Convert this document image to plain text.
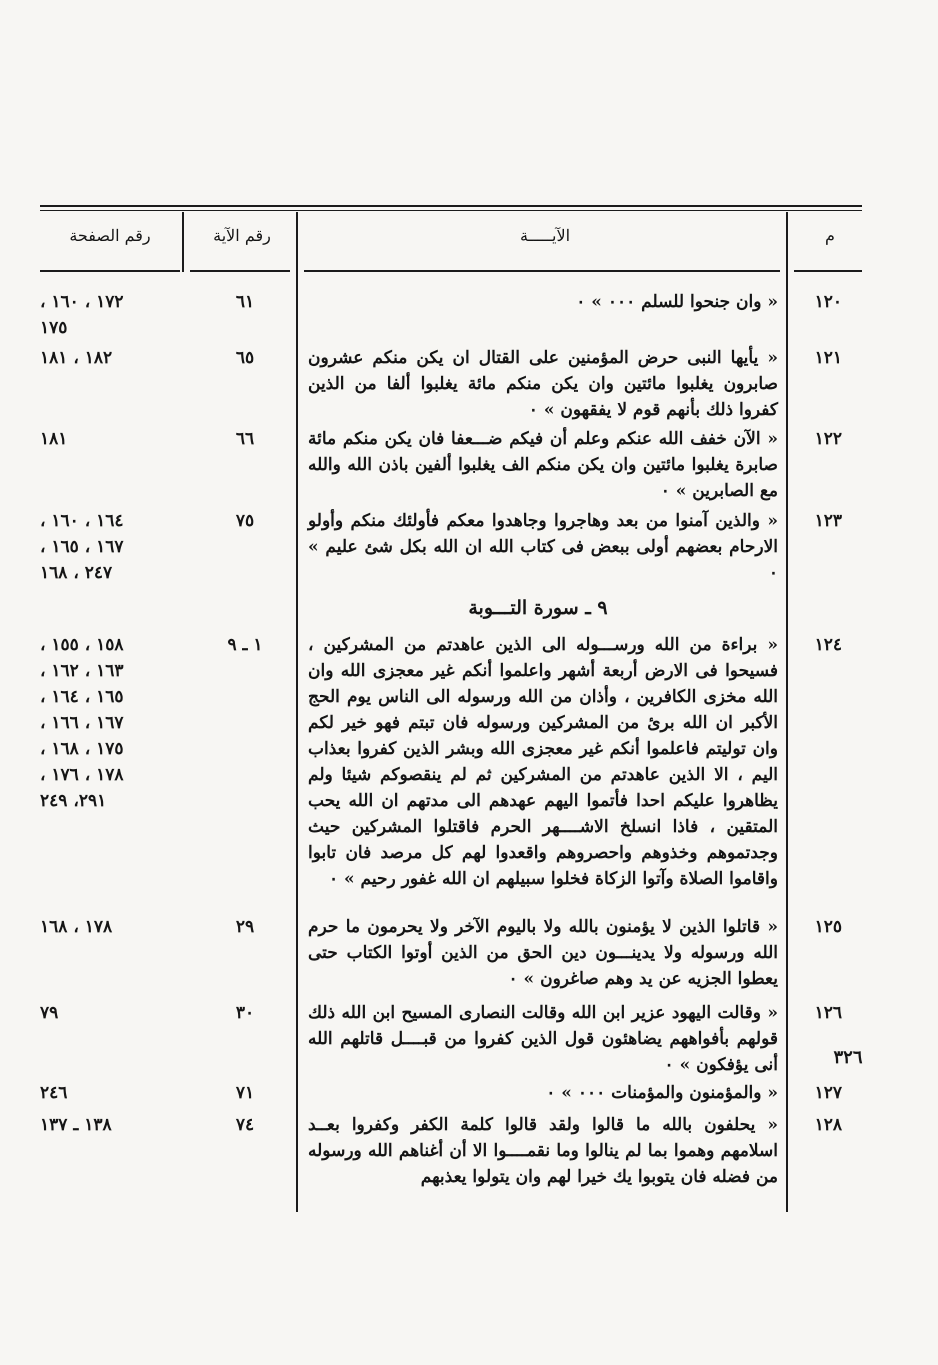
م
الآيـــــة
رقم الآية
رقم الصفحة
١٢٠
« وان جنحوا للسلم ٠٠٠ » ٠
٦١
١٧٢ ، ١٦٠ ،
١٧٥
١٢١
« يأيها النبى حرض المؤمنين على القتال ان يكن منكم عشرون صابرون يغلبوا مائتين وان يكن منكم مائة يغلبوا ألفا من الذين كفروا ذلك بأنهم قوم لا يفقهون » ٠
٦٥
١٨٢ ، ١٨١
١٢٢
« الآن خفف الله عنكم وعلم أن فيكم ضـــعفا فان يكن منكم مائة صابرة يغلبوا مائتين وان يكن منكم الف يغلبوا ألفين باذن الله والله مع الصابرين » ٠
٦٦
١٨١
١٢٣
« والذين آمنوا من بعد وهاجروا وجاهدوا معكم فأولئك منكم وأولو الارحام بعضهم أولى ببعض فى كتاب الله ان الله بكل شئ عليم » ٠
٧٥
١٦٤ ، ١٦٠ ،
١٦٧ ، ١٦٥ ،
٢٤٧ ، ١٦٨
٩ ـ سورة التـــوبة
١٢٤
« براءة من الله ورســـوله الى الذين عاهدتم من المشركين ، فسيحوا فى الارض أربعة أشهر واعلموا أنكم غير معجزى الله وان الله مخزى الكافرين ، وأذان من الله ورسوله الى الناس يوم الحج الأكبر ان الله برئ من المشركين ورسوله فان تبتم فهو خير لكم وان توليتم فاعلموا أنكم غير معجزى الله وبشر الذين كفروا بعذاب اليم ، الا الذين عاهدتم من المشركين ثم لم ينقصوكم شيئا ولم يظاهروا عليكم احدا فأتموا اليهم عهدهم الى مدتهم ان الله يحب المتقين ، فاذا انسلخ الاشــــهر الحرم فاقتلوا المشركين حيث وجدتموهم وخذوهم واحصروهم واقعدوا لهم كل مرصد فان تابوا واقاموا الصلاة وآتوا الزكاة فخلوا سبيلهم ان الله غفور رحيم » ٠
١ ـ ٩
١٥٨ ، ١٥٥ ،
١٦٣ ، ١٦٢ ،
١٦٥ ، ١٦٤ ،
١٦٧ ، ١٦٦ ،
١٧٥ ، ١٦٨ ،
١٧٨ ، ١٧٦ ،
٢٩١، ٢٤٩
١٢٥
« قاتلوا الذين لا يؤمنون بالله ولا باليوم الآخر ولا يحرمون ما حرم الله ورسوله ولا يدينـــون دين الحق من الذين أوتوا الكتاب حتى يعطوا الجزيه عن يد وهم صاغرون » ٠
٢٩
١٧٨ ، ١٦٨
١٢٦
« وقالت اليهود عزير ابن الله وقالت النصارى المسيح ابن الله ذلك قولهم بأفواههم يضاهئون قول الذين كفروا من قبــــل قاتلهم الله أنى يؤفكون » ٠
٣٠
٧٩
١٢٧
« والمؤمنون والمؤمنات ٠٠٠ » ٠
٧١
٢٤٦
١٢٨
« يحلفون بالله ما قالوا ولقد قالوا كلمة الكفر وكفروا بعــد اسلامهم وهموا بما لم ينالوا وما نقمــــوا الا أن أغناهم الله ورسوله من فضله فان يتوبوا يك خيرا لهم وان يتولوا يعذبهم
٧٤
١٣٨ ـ ١٣٧
٣٢٦
